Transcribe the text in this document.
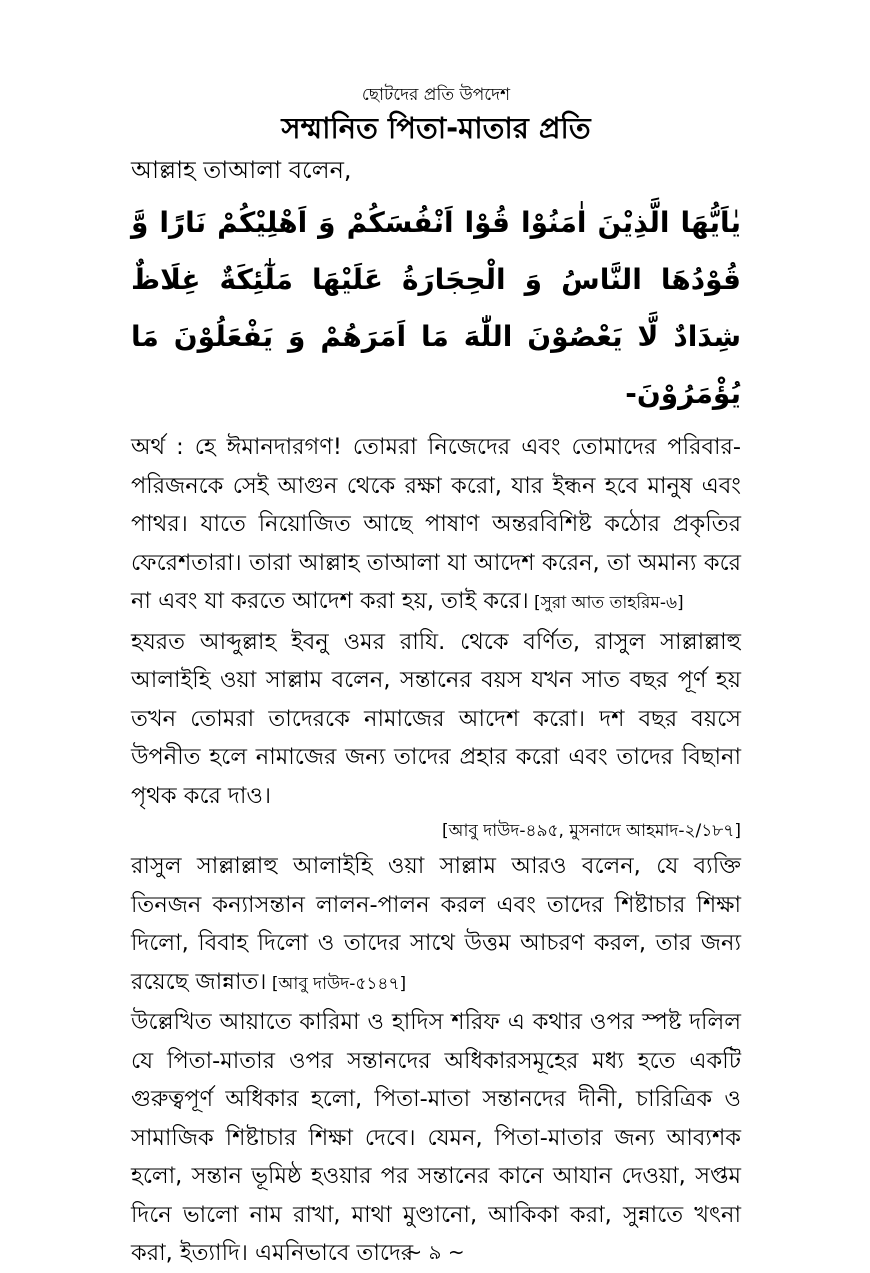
ছোটদের প্রতি উপদেশ

সম্মানিত পিতা-মাতার প্রতি

আল্লাহ তাআলা বলেন,

يٰاَيُّهَا الَّذِيْنَ اٰمَنُوْا قُوْا اَنْفُسَكُمْ وَ اَهْلِيْكُمْ نَارًا وَّ قُوْدُهَا النَّاسُ وَ الْحِجَارَةُ عَلَيْهَا مَلٰٓئِكَةٌ غِلَاظٌ شِدَادٌ لَّا يَعْصُوْنَ اللّٰهَ مَا اَمَرَهُمْ وَ يَفْعَلُوْنَ مَا يُؤْمَرُوْنَ-

অর্থ : হে ঈমানদারগণ! তোমরা নিজেদের এবং তোমাদের পরিবার-পরিজনকে সেই আগুন থেকে রক্ষা করো, যার ইন্ধন হবে মানুষ এবং পাথর। যাতে নিয়োজিত আছে পাষাণ অন্তরবিশিষ্ট কঠোর প্রকৃতির ফেরেশতারা। তারা আল্লাহ তাআলা যা আদেশ করেন, তা অমান্য করে না এবং যা করতে আদেশ করা হয়, তাই করে। [সুরা আত তাহরিম-৬]

হযরত আব্দুল্লাহ ইবনু ওমর রাযি. থেকে বর্ণিত, রাসুল সাল্লাল্লাহু আলাইহি ওয়া সাল্লাম বলেন, সন্তানের বয়স যখন সাত বছর পূর্ণ হয় তখন তোমরা তাদেরকে নামাজের আদেশ করো। দশ বছর বয়সে উপনীত হলে নামাজের জন্য তাদের প্রহার করো এবং তাদের বিছানা পৃথক করে দাও।

[আবু দাউদ-৪৯৫, মুসনাদে আহমাদ-২/১৮৭]

রাসুল সাল্লাল্লাহু আলাইহি ওয়া সাল্লাম আরও বলেন, যে ব্যক্তি তিনজন কন্যাসন্তান লালন-পালন করল এবং তাদের শিষ্টাচার শিক্ষা দিলো, বিবাহ দিলো ও তাদের সাথে উত্তম আচরণ করল, তার জন্য রয়েছে জান্নাত। [আবু দাউদ-৫১৪৭]

উল্লেখিত আয়াতে কারিমা ও হাদিস শরিফ এ কথার ওপর স্পষ্ট দলিল যে পিতা-মাতার ওপর সন্তানদের অধিকারসমূহের মধ্য হতে একটি গুরুত্বপূর্ণ অধিকার হলো, পিতা-মাতা সন্তানদের দীনী, চারিত্রিক ও সামাজিক শিষ্টাচার শিক্ষা দেবে। যেমন, পিতা-মাতার জন্য আব্যশক হলো, সন্তান ভূমিষ্ঠ হওয়ার পর সন্তানের কানে আযান দেওয়া, সপ্তম দিনে ভালো নাম রাখা, মাথা মুণ্ডানো, আকিকা করা, সুন্নাতে খৎনা করা, ইত্যাদি। এমনিভাবে তাদের

~ ৯ ~
